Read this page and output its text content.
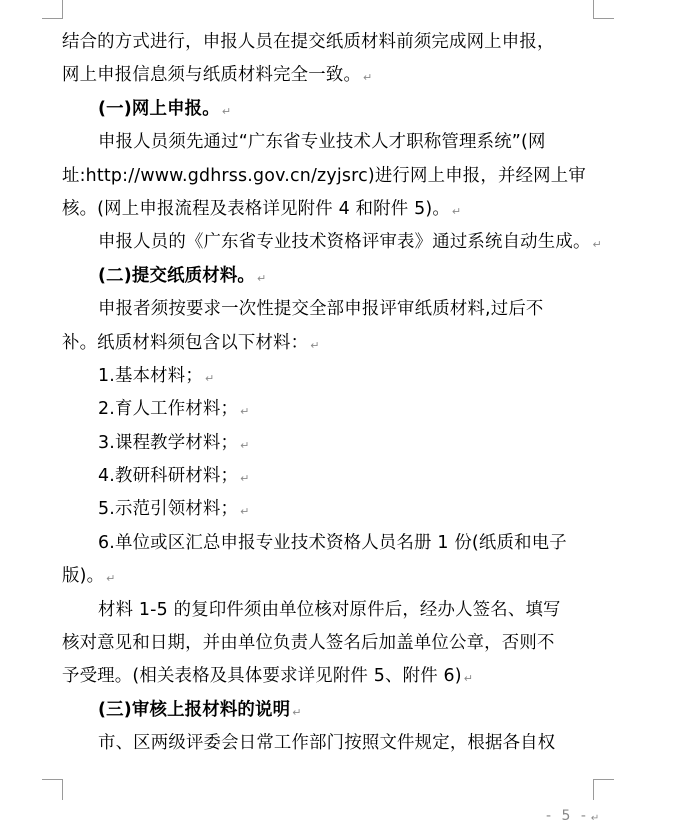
结合的方式进行，申报人员在提交纸质材料前须完成网上申报，
网上申报信息须与纸质材料完全一致。 ↵
(一)网上申报。 ↵
申报人员须先通过“广东省专业技术人才职称管理系统”(网
址:http://www.gdhrss.gov.cn/zyjsrc)进行网上申报，并经网上审
核。(网上申报流程及表格详见附件 4 和附件 5)。 ↵
申报人员的《广东省专业技术资格评审表》通过系统自动生成。 ↵
(二)提交纸质材料。 ↵
申报者须按要求一次性提交全部申报评审纸质材料,过后不
补。纸质材料须包含以下材料： ↵
1.基本材料； ↵
2.育人工作材料； ↵
3.课程教学材料； ↵
4.教研科研材料； ↵
5.示范引领材料； ↵
6.单位或区汇总申报专业技术资格人员名册 1 份(纸质和电子
版)。 ↵
材料 1-5 的复印件须由单位核对原件后，经办人签名、填写
核对意见和日期，并由单位负责人签名后加盖单位公章，否则不
予受理。(相关表格及具体要求详见附件 5、附件 6) ↵
(三)审核上报材料的说明 ↵
市、区两级评委会日常工作部门按照文件规定，根据各自权
- 5 - ↵
